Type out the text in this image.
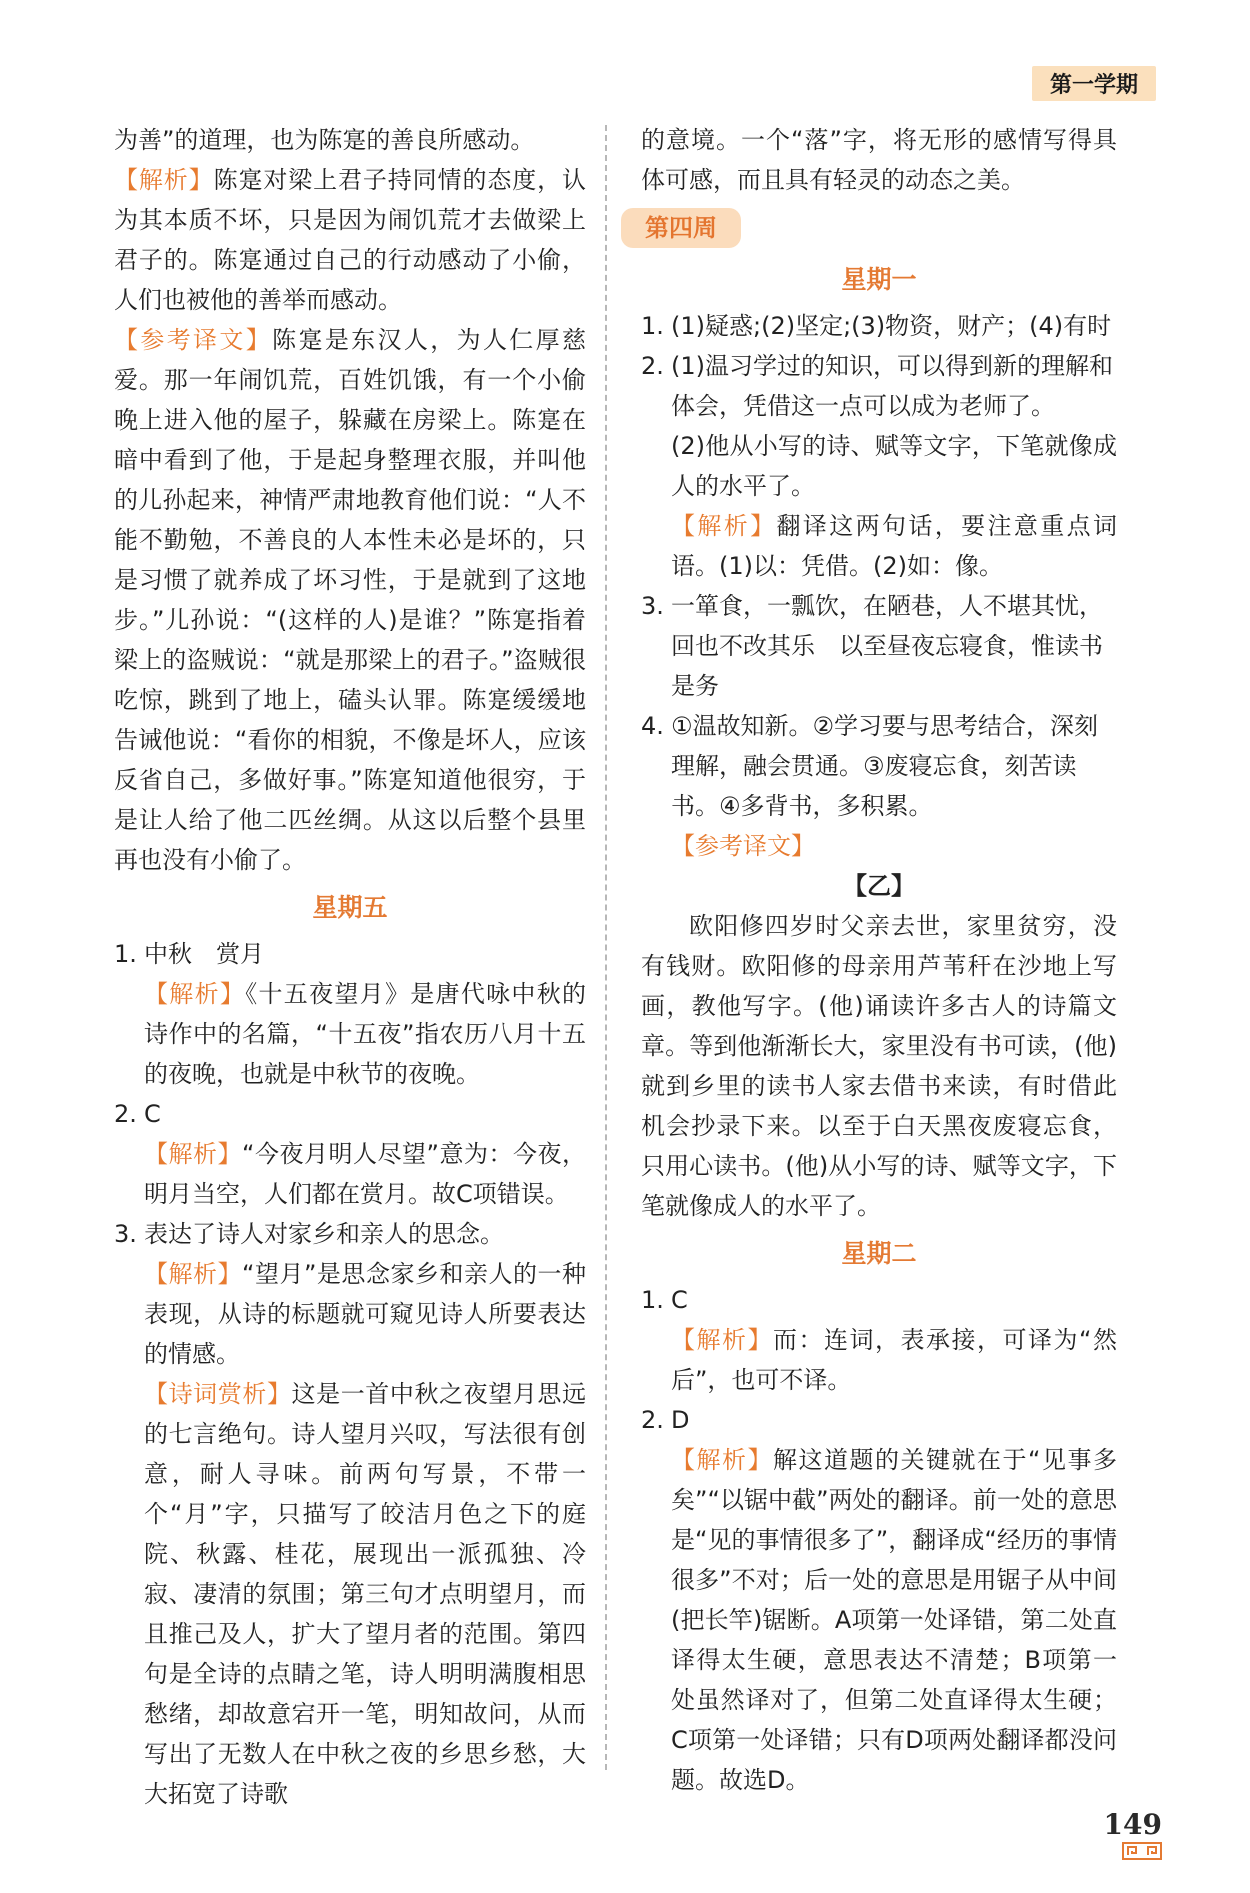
第一学期

为善”的道理，也为陈寔的善良所感动。

【解析】陈寔对梁上君子持同情的态度，认为其本质不坏，只是因为闹饥荒才去做梁上君子的。陈寔通过自己的行动感动了小偷，人们也被他的善举而感动。

【参考译文】陈寔是东汉人，为人仁厚慈爱。那一年闹饥荒，百姓饥饿，有一个小偷晚上进入他的屋子，躲藏在房梁上。陈寔在暗中看到了他，于是起身整理衣服，并叫他的儿孙起来，神情严肃地教育他们说：“人不能不勤勉，不善良的人本性未必是坏的，只是习惯了就养成了坏习性，于是就到了这地步。”儿孙说：“(这样的人)是谁？”陈寔指着梁上的盗贼说：“就是那梁上的君子。”盗贼很吃惊，跳到了地上，磕头认罪。陈寔缓缓地告诫他说：“看你的相貌，不像是坏人，应该反省自己，多做好事。”陈寔知道他很穷，于是让人给了他二匹丝绸。从这以后整个县里再也没有小偷了。

星期五
1. 中秋　赏月

【解析】《十五夜望月》是唐代咏中秋的诗作中的名篇，“十五夜”指农历八月十五的夜晚，也就是中秋节的夜晚。

2. C

【解析】“今夜月明人尽望”意为：今夜，明月当空，人们都在赏月。故C项错误。

3. 表达了诗人对家乡和亲人的思念。

【解析】“望月”是思念家乡和亲人的一种表现，从诗的标题就可窥见诗人所要表达的情感。

【诗词赏析】这是一首中秋之夜望月思远的七言绝句。诗人望月兴叹，写法很有创意，耐人寻味。前两句写景，不带一个“月”字，只描写了皎洁月色之下的庭院、秋露、桂花，展现出一派孤独、冷寂、凄清的氛围；第三句才点明望月，而且推己及人，扩大了望月者的范围。第四句是全诗的点睛之笔，诗人明明满腹相思愁绪，却故意宕开一笔，明知故问，从而写出了无数人在中秋之夜的乡思乡愁，大大拓宽了诗歌

的意境。一个“落”字，将无形的感情写得具体可感，而且具有轻灵的动态之美。

第四周
星期一
1. (1)疑惑;(2)坚定;(3)物资，财产；(4)有时
2. (1)温习学过的知识，可以得到新的理解和体会，凭借这一点可以成为老师了。

(2)他从小写的诗、赋等文字，下笔就像成人的水平了。

【解析】翻译这两句话，要注意重点词语。(1)以：凭借。(2)如：像。

3. 一箪食，一瓢饮，在陋巷，人不堪其忧，回也不改其乐　以至昼夜忘寝食，惟读书是务
4. ①温故知新。②学习要与思考结合，深刻理解，融会贯通。③废寝忘食，刻苦读书。④多背书，多积累。

【参考译文】

【乙】

欧阳修四岁时父亲去世，家里贫穷，没有钱财。欧阳修的母亲用芦苇秆在沙地上写画，教他写字。(他)诵读许多古人的诗篇文章。等到他渐渐长大，家里没有书可读，(他)就到乡里的读书人家去借书来读，有时借此机会抄录下来。以至于白天黑夜废寝忘食，只用心读书。(他)从小写的诗、赋等文字，下笔就像成人的水平了。

星期二
1. C

【解析】而：连词，表承接，可译为“然后”，也可不译。

2. D

【解析】解这道题的关键就在于“见事多矣”“以锯中截”两处的翻译。前一处的意思是“见的事情很多了”，翻译成“经历的事情很多”不对；后一处的意思是用锯子从中间(把长竿)锯断。A项第一处译错，第二处直译得太生硬，意思表达不清楚；B项第一处虽然译对了，但第二处直译得太生硬；C项第一处译错；只有D项两处翻译都没问题。故选D。

149
